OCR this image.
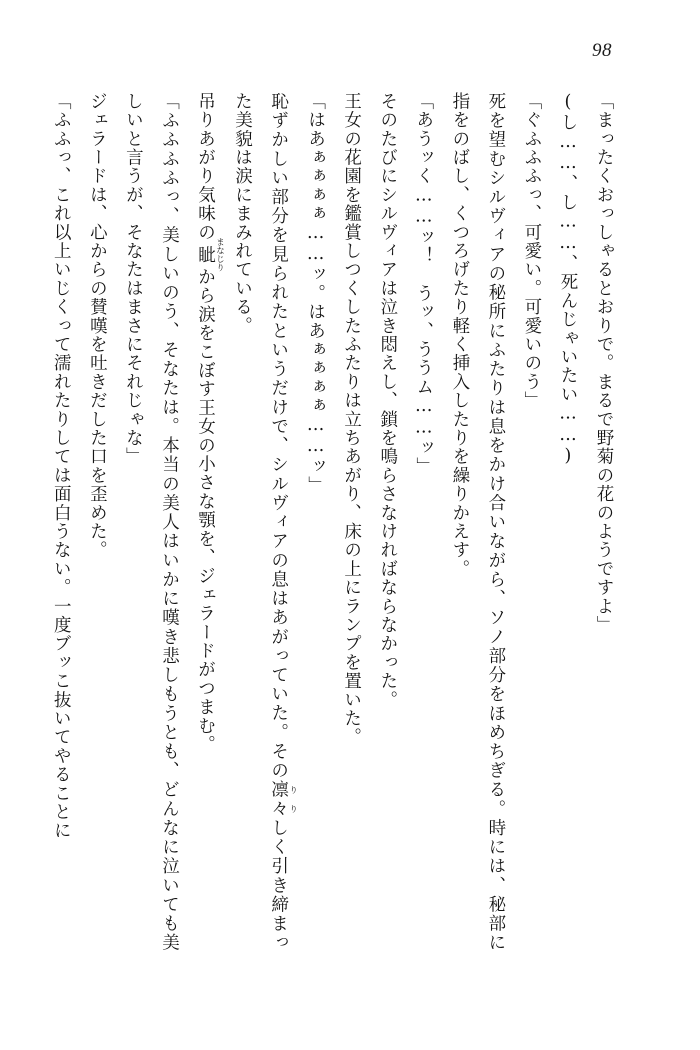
98

「まったくおっしゃるとおりで。まるで野菊の花のようですよ」

(し……、し……、死んじゃいたい……)

「ぐふふふっ、可愛い。可愛いのう」

死を望むシルヴィアの秘所にふたりは息をかけ合いながら、ソノ部分をほめちぎる。時には、秘部に指をのばし、くつろげたり軽く挿入したりを繰りかえす。

「あうッく……ッ！　うッ、ううム……ッ」

そのたびにシルヴィアは泣き悶えし、鎖を鳴らさなければならなかった。

王女の花園を鑑賞しつくしたふたりは立ちあがり、床の上にランプを置いた。

「はあぁぁぁぁ……ッ。はあぁぁぁぁ……ッ」

恥ずかしい部分を見られたというだけで、シルヴィアの息はあがっていた。その凛々 りりしく引き締まった美貌は涙にまみれている。

吊りあがり気味の眦 まなじりから涙をこぼす王女の小さな顎を、ジェラードがつまむ。

「ふふふふっ、美しいのう、そなたは。本当の美人はいかに嘆き悲しもうとも、どんなに泣いても美しいと言うが、そなたはまさにそれじゃな」

ジェラードは、心からの賛嘆を吐きだした口を歪めた。

「ふふっ、これ以上いじくって濡れたりしては面白うない。一度ブッこ抜いてやることに
